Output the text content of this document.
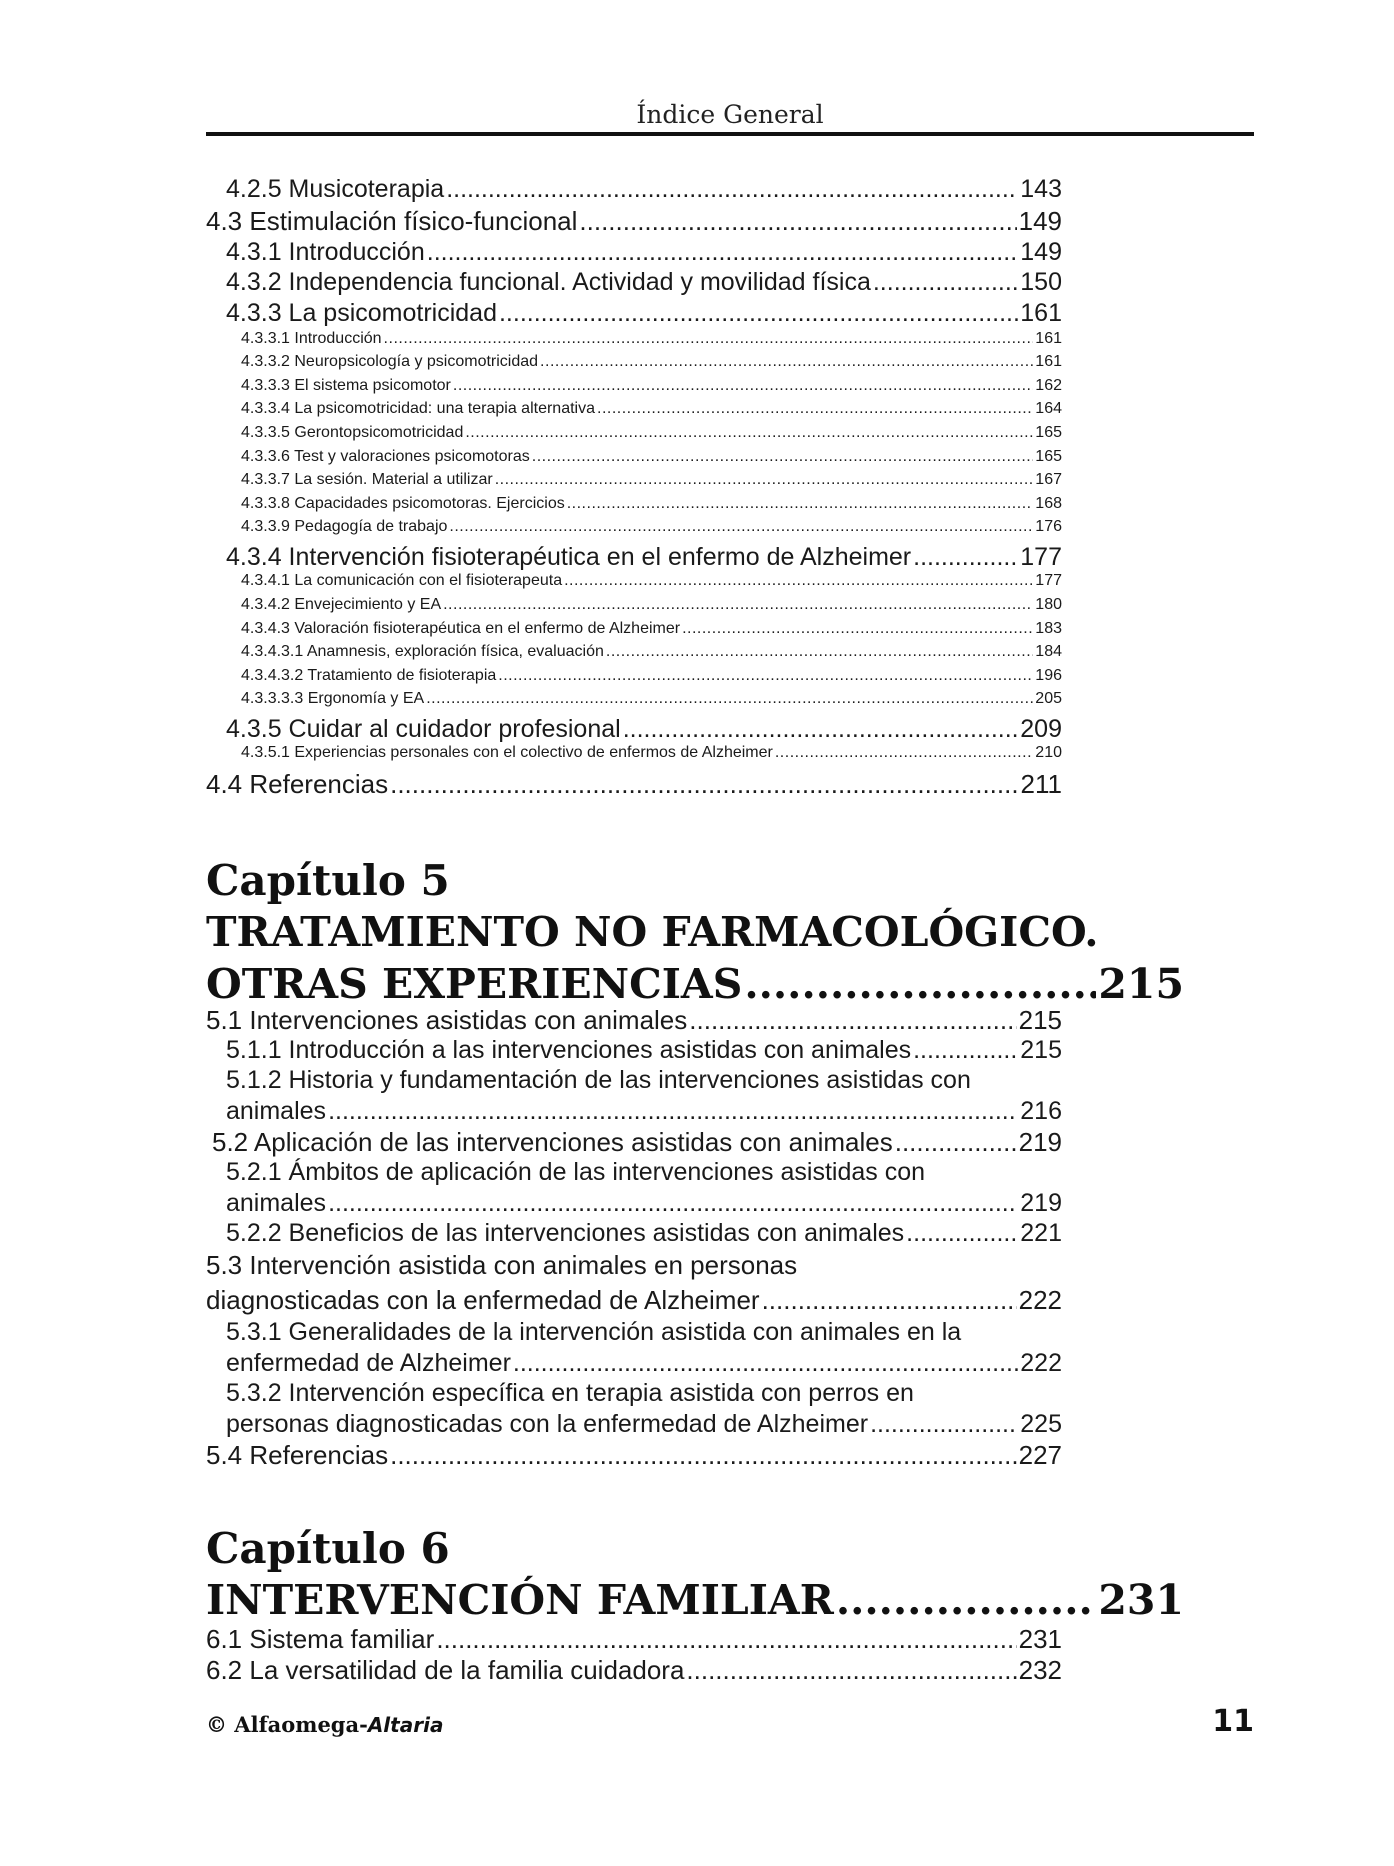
Índice General
4.2.5 Musicoterapia .....	143
4.3 Estimulación físico-funcional .....	149
4.3.1 Introducción .....	149
4.3.2 Independencia funcional. Actividad y movilidad física .....	150
4.3.3 La psicomotricidad .....	161
4.3.3.1 Introducción .....	161
4.3.3.2 Neuropsicología y psicomotricidad .....	161
4.3.3.3 El sistema psicomotor .....	162
4.3.3.4 La psicomotricidad: una terapia alternativa .....	164
4.3.3.5 Gerontopsicomotricidad .....	165
4.3.3.6 Test y valoraciones psicomotoras .....	165
4.3.3.7 La sesión. Material a utilizar .....	167
4.3.3.8 Capacidades psicomotoras. Ejercicios .....	168
4.3.3.9 Pedagogía de trabajo .....	176
4.3.4 Intervención fisioterapéutica en el enfermo de Alzheimer .....	177
4.3.4.1 La comunicación con el fisioterapeuta .....	177
4.3.4.2 Envejecimiento y EA .....	180
4.3.4.3 Valoración fisioterapéutica en el enfermo de Alzheimer .....	183
4.3.4.3.1 Anamnesis, exploración física, evaluación .....	184
4.3.4.3.2 Tratamiento de fisioterapia .....	196
4.3.3.3.3 Ergonomía y EA .....	205
4.3.5 Cuidar al cuidador profesional .....	209
4.3.5.1 Experiencias personales con el colectivo de enfermos de Alzheimer .....	210
4.4 Referencias .....	211
Capítulo 5
TRATAMIENTO NO FARMACOLÓGICO.
OTRAS EXPERIENCIAS .....	215
5.1 Intervenciones asistidas con animales .....	215
5.1.1 Introducción a las intervenciones asistidas con animales .....	215
5.1.2 Historia y fundamentación de las intervenciones asistidas con
animales .....	216
5.2 Aplicación de las intervenciones asistidas con animales .....	219
5.2.1 Ámbitos de aplicación de las intervenciones asistidas con
animales .....	219
5.2.2 Beneficios de las intervenciones asistidas con animales .....	221
5.3 Intervención asistida con animales en personas
diagnosticadas con la enfermedad de Alzheimer .....	222
5.3.1 Generalidades de la intervención asistida con animales en la
enfermedad de Alzheimer .....	222
5.3.2 Intervención específica en terapia asistida con perros en
personas diagnosticadas con la enfermedad de Alzheimer .....	225
5.4 Referencias .....	227
Capítulo 6
INTERVENCIÓN FAMILIAR .....	231
6.1 Sistema familiar .....	231
6.2 La versatilidad de la familia cuidadora .....	232
© Alfaomega-Altaria	11
